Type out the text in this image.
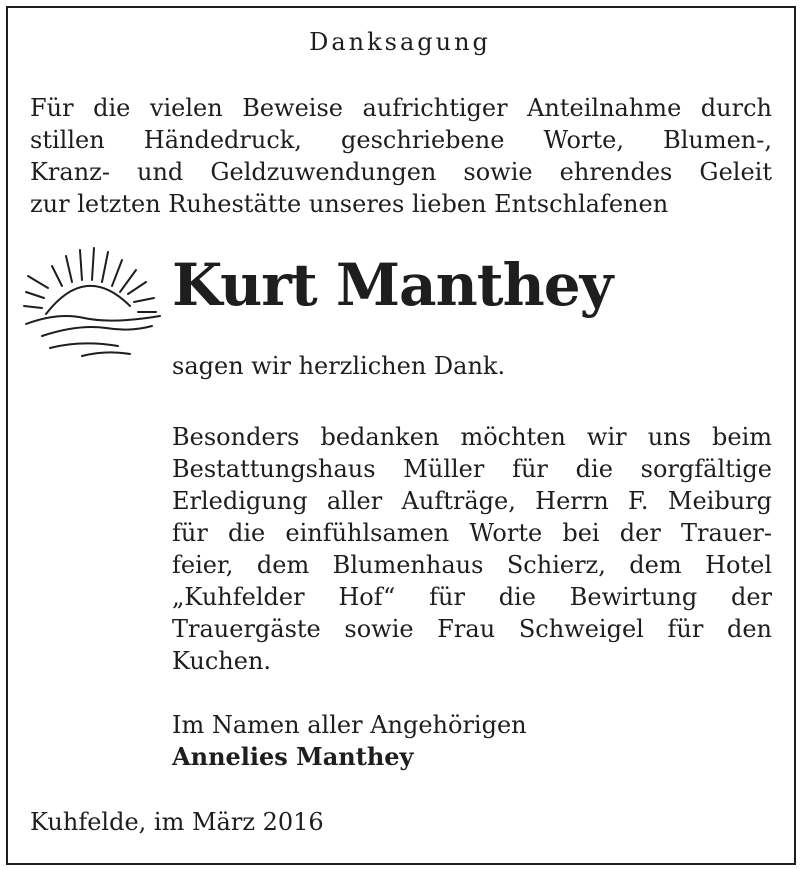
Danksagung
Für die vielen Beweise aufrichtiger Anteilnahme durch
stillen Händedruck, geschriebene Worte, Blumen-,
Kranz- und Geldzuwendungen sowie ehrendes Geleit
zur letzten Ruhestätte unseres lieben Entschlafenen
Kurt Manthey
sagen wir herzlichen Dank.
Besonders bedanken möchten wir uns beim
Bestattungshaus Müller für die sorgfältige
Erledigung aller Aufträge, Herrn F. Meiburg
für die einfühlsamen Worte bei der Trauer-
feier, dem Blumenhaus Schierz, dem Hotel
„Kuhfelder Hof“ für die Bewirtung der
Trauergäste sowie Frau Schweigel für den
Kuchen.
Im Namen aller Angehörigen
Annelies Manthey
Kuhfelde, im März 2016
